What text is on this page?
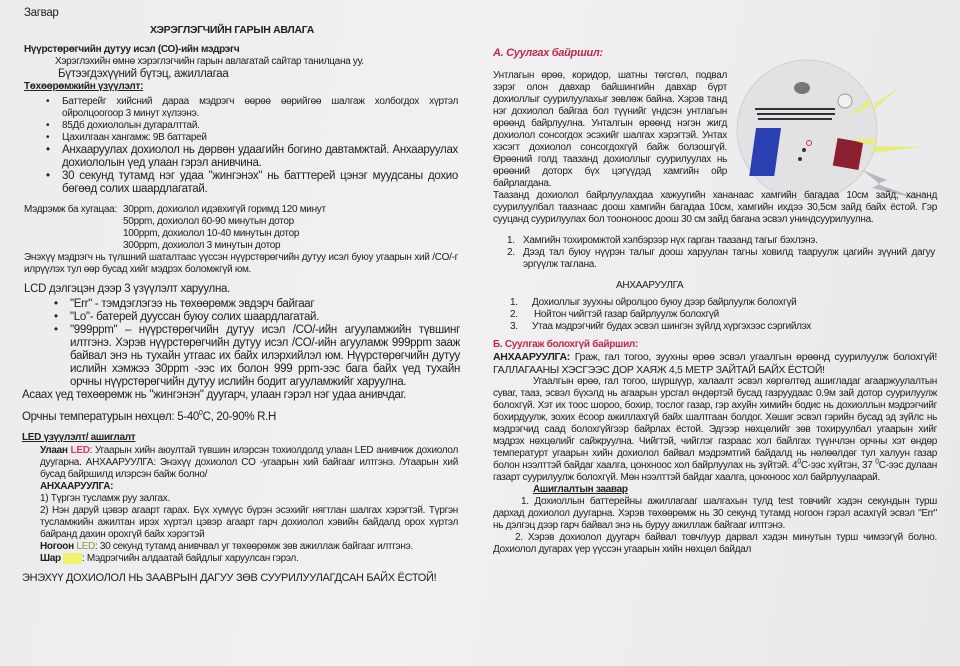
Загвар
ХЭРЭГЛЭГЧИЙН ГАРЫН АВЛАГА
Нүүрстөрөгчийн дутуу исэл (СО)-ийн мэдрэгч
Хэрэглэхийн өмнө хэрэглэгчийн гарын авлагатай сайтар танилцана уу.
Бүтээгдэхүүний бүтэц, ажиллагаа
Төхөөрөмжийн үзүүлэлт:
• Баттерейг хийсний дараа мэдрэгч өөрөө өөрийгөө шалгаж холбогдох хүртэл ойролцоогоор 3 минут хүлээнэ.
• 85Дб дохиололын дугаралттай.
• Цахилгаан хангамж: 9В баттарей
• Анхааруулах дохиолол нь дөрвөн удаагийн богино давтамжтай. Анхааруулах дохиололын үед улаан гэрэл анивчина.
• 30 секунд тутамд нэг удаа "жингэнэх" нь батттерей цэнэг муудсаны дохио бөгөөд солих шаардлагатай.
Мэдрэмж ба хугацаа:	30ppm, дохиолол идэвхигүй горимд 120 минут
	50ppm, дохиолол 60-90 минутын дотор
	100ppm, дохиолол 10-40 минутын дотор
	300ppm, дохиолол 3 минутын дотор
Энэхүү мэдрэгч нь түлшний шаталтаас үүссэн нүүрстөрөгчийн дутуу исэл буюу угаарын хий /CO/-г илрүүлэх тул өөр бусад хийг мэдрэх боломжгүй юм.
LCD дэлгэцэн дээр 3 үзүүлэлт харуулна.
• "Err" - тэмдэглэгээ нь төхөөрөмж эвдэрч байгааг
• "Lo"- батерей дууссан буюу солих шаардлагатай.
• "999ppm" – нүүрстөрөгчийн дутуу исэл /CO/-ийн агууламжийн түвшинг илтгэнэ. Хэрэв нүүрстөрөгчийн дутуу исэл /CO/-ийн агууламж 999ppm заaж байвал энэ нь тухайн утгаас их байх илэрхийлэл юм. Нүүрстөрөгчийн дутуу ислийн хэмжээ 30ppm -ээс их болон 999 ppm-ээс бага байх үед тухайн орчны нүүрстөрөгчийн дутуу ислийн бодит агууламжийг харуулна.
Асаах үед төхөөрөмж нь "жингэнэн" дуугарч, улаан гэрэл нэг удаа анивчдаг.
Орчны температурын нөхцөл: $5-40^0C$, 20-90% R.H
LED үзүүлэлт/ ашиглалт
Улаан LED: Угаарын хийн аюултай түвшин илэрсэн тохиолдолд улаан LED анивчиж дохиолол дуугарна. АНХААРУУЛГА: Энэхүү дохиолол CO -угаарын хий байгааг илтгэнэ. /Угаарын хий бусад байршилд илэрсэн байж болно/
АНХААРУУЛГА:
1) Түргэн тусламж руу залгах.
2) Нэн даруй цэвэр агаарт гарах. Бүх хүмүүс бүрэн эсэхийг нягтлан шалгах хэрэгтэй. Түргэн тусламжийн ажилтан ирэх хүртэл цэвэр агаарт гарч дохиолол хэвийн байдалд орох хүртэл байранд дахин орохгүй байх хэрэгтэй
Ногоон LED: 30 секунд тутамд анивчвал уг төхөөрөмж зөв ажиллаж байгааг илтгэнэ.
Шар LED: Мэдрэгчийн алдаатай байдлыг харуулсан гэрэл.
ЭНЭХҮҮ ДОХИОЛОЛ НЬ ЗААВРЫН ДАГУУ ЗӨВ СУУРИЛУУЛАГДСАН БАЙХ ЁСТОЙ!
А. Суулгах байршил:
Унтлагын өрөө, коридор, шатны төгсгөл, подвал зэрэг олон давхар байшингийн давхар бүрт дохиоллыг суурилуулахыг зөвлөж байна. Хэрэв танд нэг дохиолол байгаа бол түүнийг үндсэн унтлагын өрөөнд байрлуулна. Унталгын өрөөнд нэгэн жигд дохиолол сонсогдох эсэхийг шалгах хэрэгтэй. Унтах хэсэгт дохиолол сонсогдохгүй байж болзошгүй. Өрөөний голд таазанд дохиоллыг суурилуулах нь өрөөний доторх бүх цэгүүдэд хамгийн ойр байрлагдана.
Таазанд дохиолол байрлуулахдаа хажуугийн хананаас хамгийн багадаа 10см зайд, хананд суурилуулбал таазнаас доош хамгийн багадаа 10см, хамгийн ихдээ 30,5см зайд байх ёстой. Гэр сууцанд суурилуулах бол тоононоос доош 30 см зайд багана эсвэл униндсуурилуулна.
1. Хамгийн тохиромжтой хэлбэрээр нүх гарган таазанд тагыг бэхлэнэ.
2. Дээд тал буюу нүүрэн талыг доош харуулан тагны ховилд тааруулж цагийн зүүний дагуу эргүүлж таглана.
АНХААРУУЛГА
1.	Дохиоллыг зуухны ойролцоо буюу дээр байрлуулж болохгүй
2.	Нойтон чийгтэй газар байрлуулж болохгүй
3.	Утаа мэдрэгчийг будах эсвэл шингэн зүйлд хүргэхээс сэргийлэх
Б. Суулгаж болохгүй байршил:
АНХААРУУЛГА: Граж, гал тогоо, зуухны өрөө эсвэл угаалгын өрөөнд суурилуулж болохгүй! ГАЛЛАГААНЫ ХЭСГЭЭС ДОР ХАЯЖ 4,5 МЕТР ЗАЙТАЙ БАЙХ ЁСТОЙ!
Угаалгын өрөө, гал тогоо, шүршүүр, халаалт эсвэл хөргөлтөд ашигладаг агааржуулалтын суваг, тааз, эсвэл бүхэлд нь агаарын урсгал өндөртэй бусад газруудаас 0.9м зай дотор суурилуулж болохгүй. Хэт их тоос шороо, бохир, тослог газар, гэр ахуйн химийн бодис нь дохиоллын мэдрэгчийг бохирдуулж, зохих ёсоор ажиллахгүй байх шалтгаан болдог. Хөшиг эсвэл гэрийн бусад эд зүйлс нь мэдрэгчид саад болохгүйгээр байрлах ёстой. Эдгээр нөхцөлийг зөв тохируулбал угаарын хийг мэдрэх нөхцөлийг сайжруулна. Чийгтэй, чийглэг газраас хол байлгах түүнчлэн орчны хэт өндөр температурт угаарын хийн дохиолол байвал мэдрэмтгий байдалд нь нөлөөлдөг тул халуун газар болон нээлттэй байдаг хаалга, цонхноос хол байрлуулах нь зүйтэй. $4^0С$-ээс хүйтэн, 37 $^0$С-ээс дулаан газарт суурилуулж болохгүй. Мөн нээлттэй байдаг хаалга, цонхноос хол байрлуулаарай.
Ашиглалтын заавар
1. Дохиоллын баттерейны ажиллагааг шалгахын тулд test товчийг хэдэн секундын турш дархад дохиолол дуугарна. Хэрэв төхөөрөмж нь 30 секунд тутамд ногоон гэрэл асахгүй эсвэл "Err" нь дэлгэц дээр гарч байвал энэ нь буруу ажиллаж байгааг илтгэнэ.
2. Хэрэв дохиолол дуугарч байвал товчлуур дарвал хэдэн минутын турш чимээгүй болно. Дохиолол дугарах үер үүссэн угаарын хийн нөхцөл байдал
